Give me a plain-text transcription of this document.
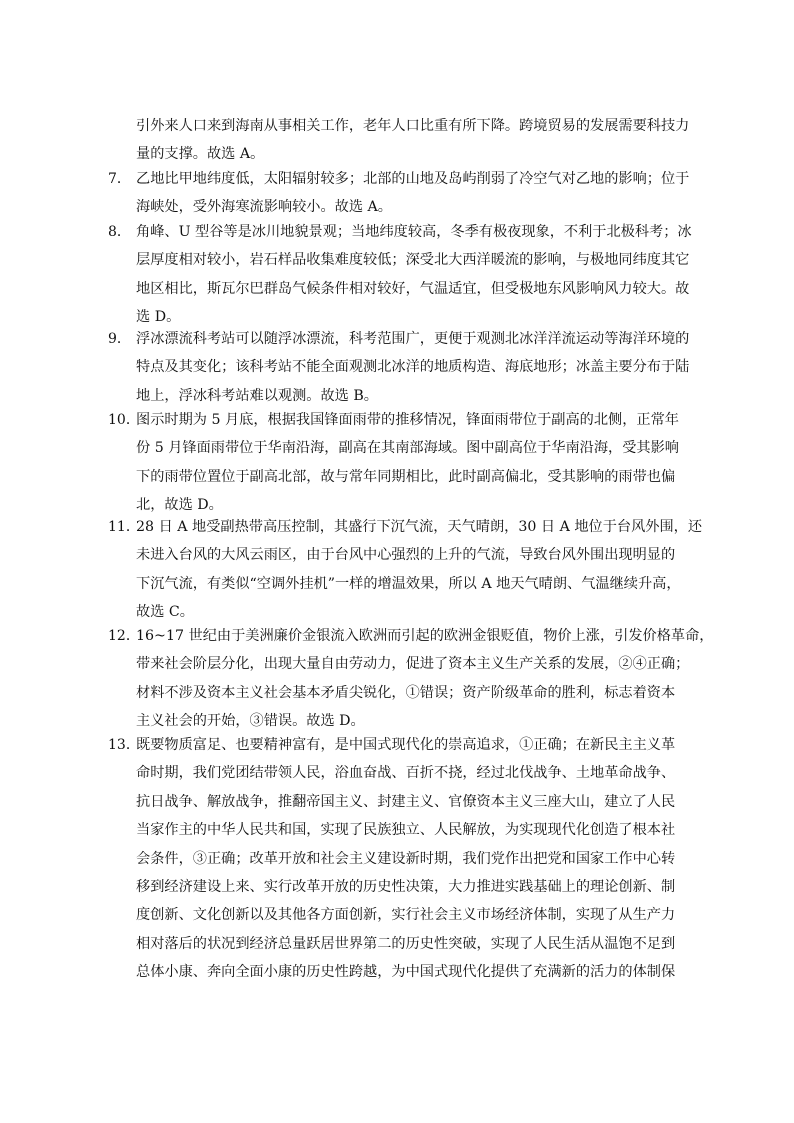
引外来人口来到海南从事相关工作，老年人口比重有所下降。跨境贸易的发展需要科技力
量的支撑。故选 A。
7． 乙地比甲地纬度低，太阳辐射较多；北部的山地及岛屿削弱了冷空气对乙地的影响；位于
海峡处，受外海寒流影响较小。故选 A。
8． 角峰、U 型谷等是冰川地貌景观；当地纬度较高，冬季有极夜现象，不利于北极科考；冰
层厚度相对较小，岩石样品收集难度较低；深受北大西洋暖流的影响，与极地同纬度其它
地区相比，斯瓦尔巴群岛气候条件相对较好，气温适宜，但受极地东风影响风力较大。故
选 D。
9． 浮冰漂流科考站可以随浮冰漂流，科考范围广，更便于观测北冰洋洋流运动等海洋环境的
特点及其变化；该科考站不能全面观测北冰洋的地质构造、海底地形；冰盖主要分布于陆
地上，浮冰科考站难以观测。故选 B。
10．
图示时期为 5 月底，根据我国锋面雨带的推移情况，锋面雨带位于副高的北侧，正常年
份 5 月锋面雨带位于华南沿海，副高在其南部海域。图中副高位于华南沿海，受其影响
下的雨带位置位于副高北部，故与常年同期相比，此时副高偏北，受其影响的雨带也偏
北，故选 D。
11．
28 日 A 地受副热带高压控制，其盛行下沉气流，天气晴朗，30 日 A 地位于台风外围，还
未进入台风的大风云雨区，由于台风中心强烈的上升的气流，导致台风外围出现明显的
下沉气流，有类似“空调外挂机”一样的增温效果，所以 A 地天气晴朗、气温继续升高，
故选 C。
12．
16~17 世纪由于美洲廉价金银流入欧洲而引起的欧洲金银贬值，物价上涨，引发价格革命，
带来社会阶层分化，出现大量自由劳动力，促进了资本主义生产关系的发展，②④正确；
材料不涉及资本主义社会基本矛盾尖锐化，①错误；资产阶级革命的胜利，标志着资本
主义社会的开始，③错误。故选 D。
13．
既要物质富足、也要精神富有，是中国式现代化的崇高追求，①正确；在新民主主义革
命时期，我们党团结带领人民，浴血奋战、百折不挠，经过北伐战争、土地革命战争、
抗日战争、解放战争，推翻帝国主义、封建主义、官僚资本主义三座大山，建立了人民
当家作主的中华人民共和国，实现了民族独立、人民解放，为实现现代化创造了根本社
会条件，③正确；改革开放和社会主义建设新时期，我们党作出把党和国家工作中心转
移到经济建设上来、实行改革开放的历史性决策，大力推进实践基础上的理论创新、制
度创新、文化创新以及其他各方面创新，实行社会主义市场经济体制，实现了从生产力
相对落后的状况到经济总量跃居世界第二的历史性突破，实现了人民生活从温饱不足到
总体小康、奔向全面小康的历史性跨越，为中国式现代化提供了充满新的活力的体制保
